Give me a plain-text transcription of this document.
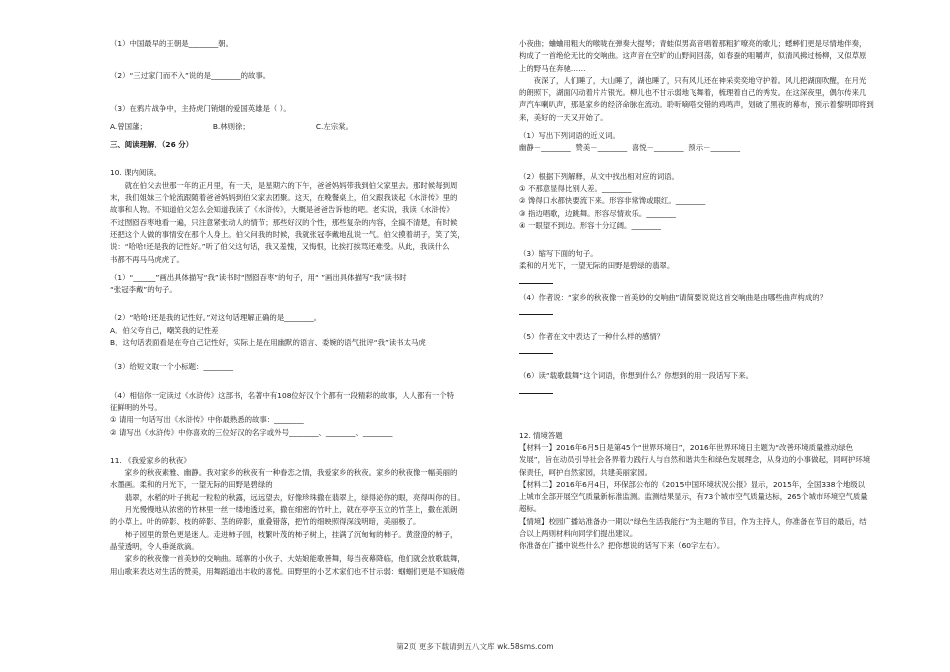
（1）中国最早的王朝是________朝。

（2）“三过家门而不入”说的是________的故事。

（3）在鸦片战争中，主持虎门销烟的爱国英雄是（ ）。

A.曾国藩；	B.林则徐；	C.左宗棠。

三、阅读理解．（26 分）

10. 课内阅读。

　　就在伯父去世那一年的正月里，有一天，是星期六的下午，爸爸妈妈带我到伯父家里去。那时候每到周

末，我们姐妹三个轮流跟随着爸爸妈妈到伯父家去团聚。这天，在晚餐桌上，伯父跟我谈起《水浒传》里的

故事和人物。不知道伯父怎么会知道我读了《水浒传》，大概是爸爸告诉他的吧。老实说，我读《水浒传》

不过囫囵吞枣地看一遍，只注意紧张动人的情节；那些好汉的个性，那些复杂的内容，全搞不清楚，有时候

还把这个人做的事情安在那个人身上。伯父问我的时候，我就张冠李戴地乱说一气。伯父摸着胡子，笑了笑，

说：“哈哈!还是我的记性好。”听了伯父这句话，我又羞愧，又悔恨，比挨打挨骂还难受。从此，我读什么

书都不再马马虎虎了。

（1）“______”画出具体描写“我”读书时“囫囵吞枣”的句子，用“ ”画出具体描写“我”读书时

“张冠李戴”的句子。

（2）“哈哈!还是我的记性好。”对这句话理解正确的是________。

A．伯父夸自己，嘲笑我的记性差

B．这句话表面看是在夸自己记性好，实际上是在用幽默的语言、委婉的语气批评“我”读书太马虎

（3）给短文取一个小标题：________

（4）相信你一定读过《水浒传》这部书，名著中有108位好汉个个都有一段精彩的故事，人人都有一个特

征鲜明的外号。

① 请用一句话写出《水浒传》中你最熟悉的故事：________

② 请写出《水浒传》中你喜欢的三位好汉的名字或外号________、________、________

11. 《我爱家乡的秋夜》

　　家乡的秋夜素雅、幽静。我对家乡的秋夜有一种眷恋之情，我爱家乡的秋夜。家乡的秋夜像一幅美丽的

水墨画。柔和的月光下，一望无际的田野是碧绿的

　　翡翠，水稻的叶子挑起一粒粒的秋露，远远望去，好像珍珠撒在翡翠上，绿得泌你的眼，亮得叫你的目。

　　月光慢慢地从浓密的竹林里一丝一缕地透过来，撒在细密的竹叶上，就在亭亭玉立的竹茎上，撒在派朗

的小草上。叶的碎影、枝的碎影、茎的碎影，重叠错落，把竹的细映照得深浅明暗，美丽极了。

　　柿子园里的景色更是迷人。走进柿子园，枝繁叶茂的柿子树上，挂满了沉甸甸的柿子。黄澄澄的柿子，

晶莹透明，令人垂涎欲滴。

　　家乡的秋夜像一首美妙的交响曲。瑶寨的小伙子、大姑娘能歌善舞，每当夜幕降临，他们就会放歌载舞，

用山歌来表达对生活的赞美，用舞蹈道出丰收的喜悦。田野里的小艺术家们也不甘示弱：蝈蝈们更是不知疲倦

小夜曲；蛐蛐用粗大的喉咙在弹奏大提琴；青蛙似男高音唱着那粗犷嘹亮的歌儿；蟋蟀们更是尽情地伴奏，

构成了一首绝伦无比的交响曲。这声音在空旷的山野间回荡，如春蚕的咀嚼声，似清风拂过杨柳，又似草原

上的野马在奔驰……

　　夜深了，人们睡了，大山睡了，湖也睡了，只有风儿还在神采奕奕地守护着。风儿把湖面吹醒，在月光

的朗照下，湖面闪动着片片银光。柳儿也不甘示弱地飞舞着，梳理着自己的秀发。在这深夜里，偶尔传来几

声汽车喇叭声，那是家乡的经济命脉在流动。聆听嘀嗒交错的鸡鸣声，划破了黑夜的幕布，预示着黎明即将到

来，美好的一天又开始了。

（1）写出下列词语的近义词。

幽静－________  赞美－________  喜悦－________  预示－________

（2）根据下列解释，从文中找出相对应的词语。

① 不那意显得比别人差。________

② 馋得口水都快要流下来。形容非常馋或眼红。________

③ 指边唱歌，边跳舞。形容尽情欢乐。________

④ 一眼望不到边。形容十分辽阔。________

（3）缩写下面的句子。

柔和的月光下，一望无际的田野是碧绿的翡翠。

（4）作者说：“家乡的秋夜像一首美妙的交响曲”请简要说说这首交响曲是由哪些曲声构成的？

（5）作者在文中表达了一种什么样的感情？

（6）读“载歌载舞”这个词语，你想到什么？你想到的用一段话写下来。

12. 情境答题

【材料一】2016年6月5日是第45个“世界环境日”，2016年世界环境日主题为“改善环境质量推动绿色

发展”，旨在动员引导社会各界着力践行人与自然和谐共生和绿色发展理念，从身边的小事做起，同呵护环境

保责任，呵护自然家园，共建美丽家园。

【材料二】2016年6月4日，环保部公布的《2015中国环境状况公报》显示，2015年，全国338个地级以

上城市全部开展空气质量新标准监测。监测结果显示，有73个城市空气质量达标，265个城市环境空气质量

超标。

【情境】校园广播站准备办一期以“绿色生活我能行”为主题的节目，作为主持人，你准备在节目的最后，结

合以上两则材料向同学们提出建议。

你准备在广播中说些什么？把你想说的话写下来（60字左右）。

第2页 更多下载请到五八文库 wk.58sms.com
